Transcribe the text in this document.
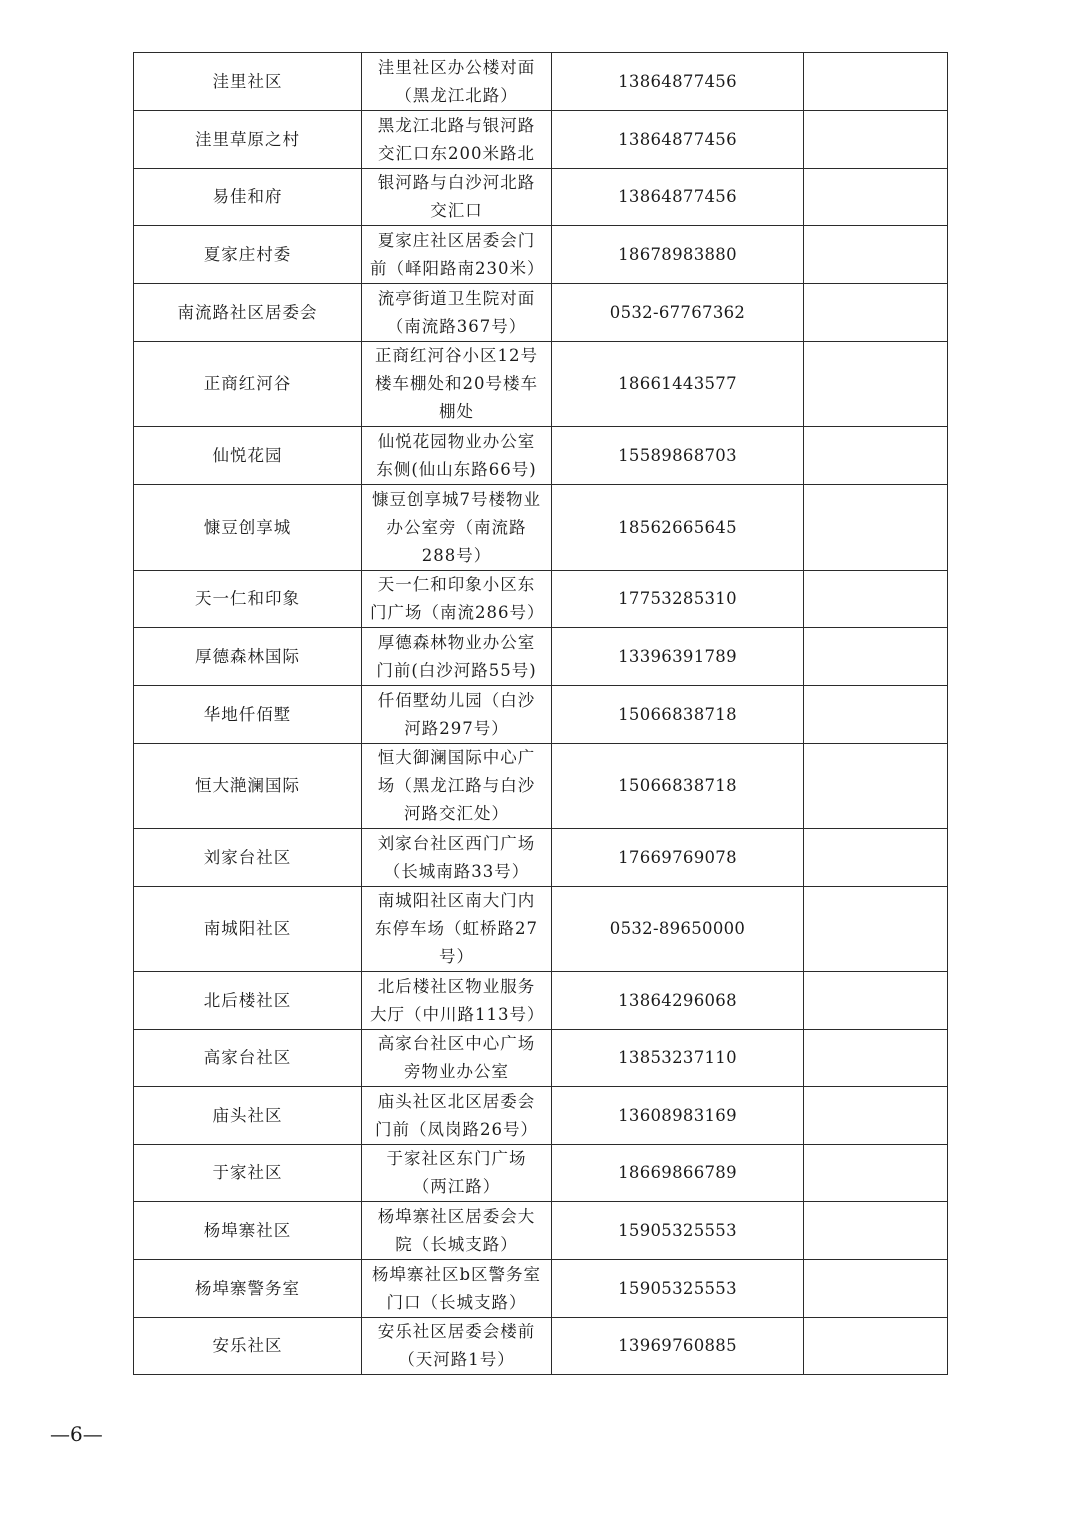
洼里社区	洼里社区办公楼对面（黑龙江北路）	13864877456	
洼里草原之村	黑龙江北路与银河路交汇口东200米路北	13864877456	
易佳和府	银河路与白沙河北路交汇口	13864877456	
夏家庄村委	夏家庄社区居委会门前（峄阳路南230米）	18678983880	
南流路社区居委会	流亭街道卫生院对面（南流路367号）	0532-67767362	
正商红河谷	正商红河谷小区12号楼车棚处和20号楼车棚处	18661443577	
仙悦花园	仙悦花园物业办公室东侧(仙山东路66号)	15589868703	
慷豆创享城	慷豆创享城7号楼物业办公室旁（南流路288号）	18562665645	
天一仁和印象	天一仁和印象小区东门广场（南流286号）	17753285310	
厚德森林国际	厚德森林物业办公室门前(白沙河路55号)	13396391789	
华地仟佰墅	仟佰墅幼儿园（白沙河路297号）	15066838718	
恒大滟澜国际	恒大御澜国际中心广场（黑龙江路与白沙河路交汇处）	15066838718	
刘家台社区	刘家台社区西门广场（长城南路33号）	17669769078	
南城阳社区	南城阳社区南大门内东停车场（虹桥路27号）	0532-89650000	
北后楼社区	北后楼社区物业服务大厅（中川路113号）	13864296068	
高家台社区	高家台社区中心广场旁物业办公室	13853237110	
庙头社区	庙头社区北区居委会门前（凤岗路26号）	13608983169	
于家社区	于家社区东门广场（两江路）	18669866789	
杨埠寨社区	杨埠寨社区居委会大院（长城支路）	15905325553	
杨埠寨警务室	杨埠寨社区b区警务室门口（长城支路）	15905325553	
安乐社区	安乐社区居委会楼前（天河路1号）	13969760885	
—6—
